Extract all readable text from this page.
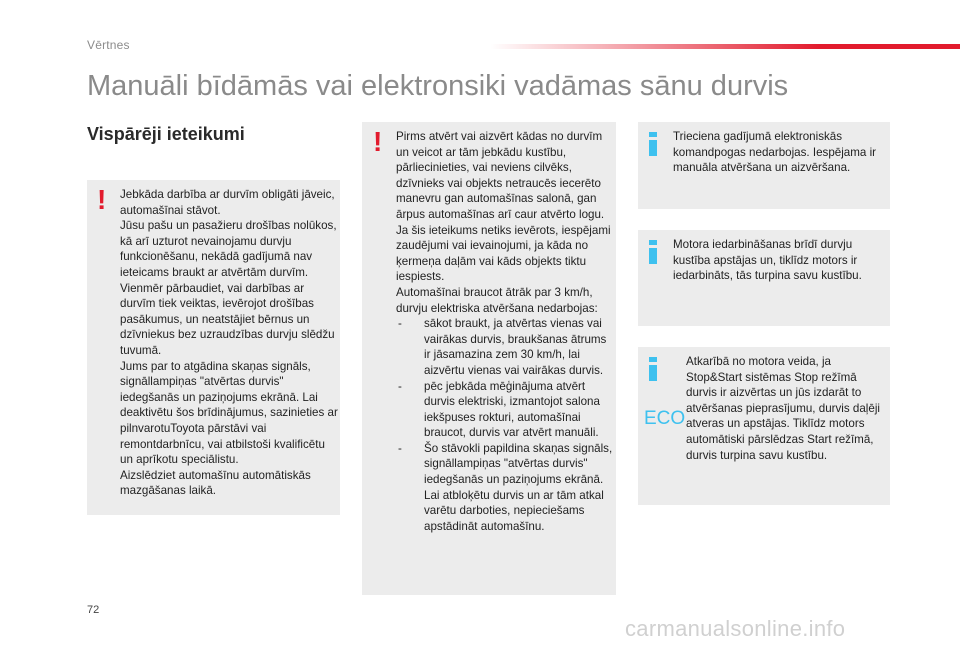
Vērtnes
Manuāli bīdāmās vai elektronsiki vadāmas sānu durvis
Vispārēji ieteikumi
! Jebkāda darbība ar durvīm obligāti jāveic, automašīnai stāvot.

Jūsu pašu un pasažieru drošības nolūkos, kā arī uzturot nevainojamu durvju funkcionēšanu, nekādā gadījumā nav ieteicams braukt ar atvērtām durvīm.

Vienmēr pārbaudiet, vai darbības ar durvīm tiek veiktas, ievērojot drošības pasākumus, un neatstājiet bērnus un dzīvniekus bez uzraudzības durvju slēdžu tuvumā.

Jums par to atgādina skaņas signāls, signāllampiņas "atvērtas durvis" iedegšanās un paziņojums ekrānā. Lai deaktivētu šos brīdinājumus, sazinieties ar pilnvarotuToyota pārstāvi vai remontdarbnīcu, vai atbilstoši kvalificētu un aprīkotu speciālistu.

Aizslēdziet automašīnu automātiskās mazgāšanas laikā.

! Pirms atvērt vai aizvērt kādas no durvīm un veicot ar tām jebkādu kustību, pārliecinieties, vai neviens cilvēks, dzīvnieks vai objekts netraucēs iecerēto manevru gan automašīnas salonā, gan ārpus automašīnas arī caur atvērto logu.

Ja šis ieteikums netiks ievērots, iespējami zaudējumi vai ievainojumi, ja kāda no ķermeņa daļām vai kāds objekts tiktu iespiests.

Automašīnai braucot ātrāk par 3 km/h, durvju elektriska atvēršana nedarbojas:

- sākot braukt, ja atvērtas vienas vai vairākas durvis, braukšanas ātrums ir jāsamazina zem 30 km/h, lai aizvērtu vienas vai vairākas durvis.
- pēc jebkāda mēģinājuma atvērt durvis elektriski, izmantojot salona iekšpuses rokturi, automašīnai braucot, durvis var atvērt manuāli.
- Šo stāvokli papildina skaņas signāls, signāllampiņas "atvērtas durvis" iedegšanās un paziņojums ekrānā. Lai atbloķētu durvis un ar tām atkal varētu darboties, nepieciešams apstādināt automašīnu.
Trieciena gadījumā elektroniskās komandpogas nedarbojas. Iespējama ir manuāla atvēršana un aizvēršana.
Motora iedarbināšanas brīdī durvju kustība apstājas un, tiklīdz motors ir iedarbināts, tās turpina savu kustību.
Atkarībā no motora veida, ja Stop&Start sistēmas Stop režīmā durvis ir aizvērtas un jūs izdarāt to atvēršanas pieprasījumu, durvis daļēji atveras un apstājas. Tiklīdz motors automātiski pārslēdzas Start režīmā, durvis turpina savu kustību.
ECO
72
carmanualsonline.info
